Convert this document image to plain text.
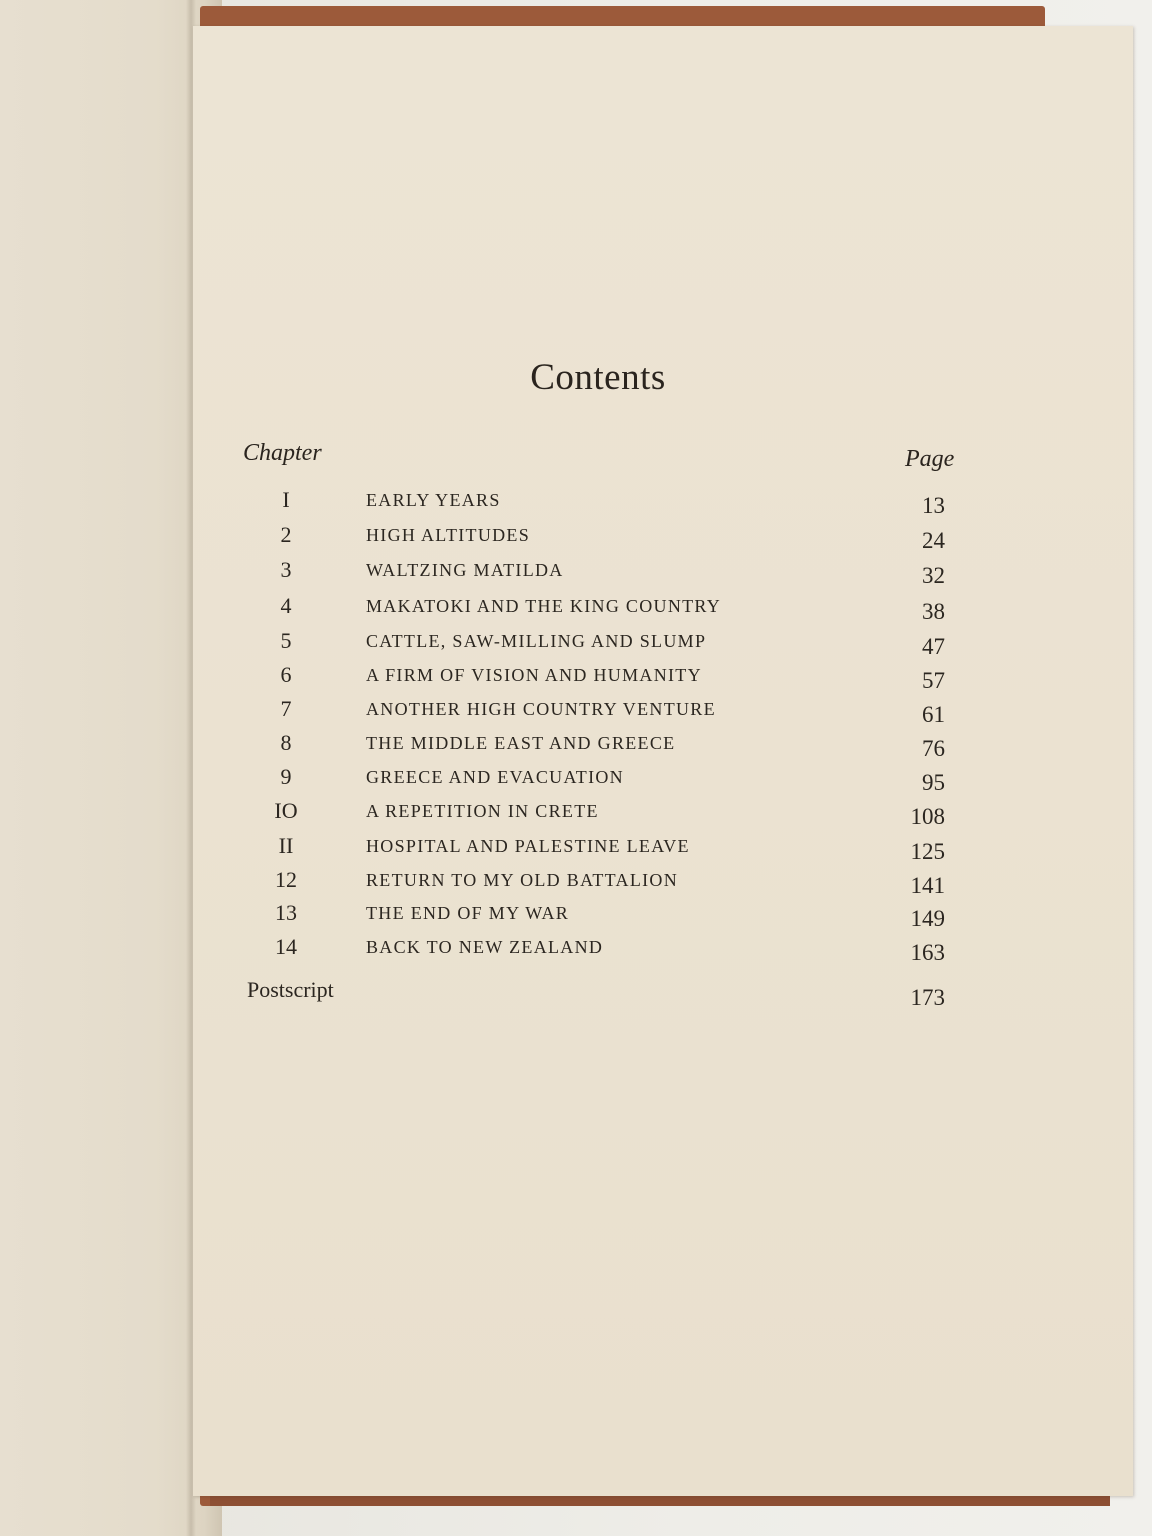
Contents
Chapter	Page
I	EARLY YEARS	13
2	HIGH ALTITUDES	24
3	WALTZING MATILDA	32
4	MAKATOKI AND THE KING COUNTRY	38
5	CATTLE, SAW-MILLING AND SLUMP	47
6	A FIRM OF VISION AND HUMANITY	57
7	ANOTHER HIGH COUNTRY VENTURE	61
8	THE MIDDLE EAST AND GREECE	76
9	GREECE AND EVACUATION	95
IO	A REPETITION IN CRETE	108
II	HOSPITAL AND PALESTINE LEAVE	125
12	RETURN TO MY OLD BATTALION	141
13	THE END OF MY WAR	149
14	BACK TO NEW ZEALAND	163
Postscript	173
